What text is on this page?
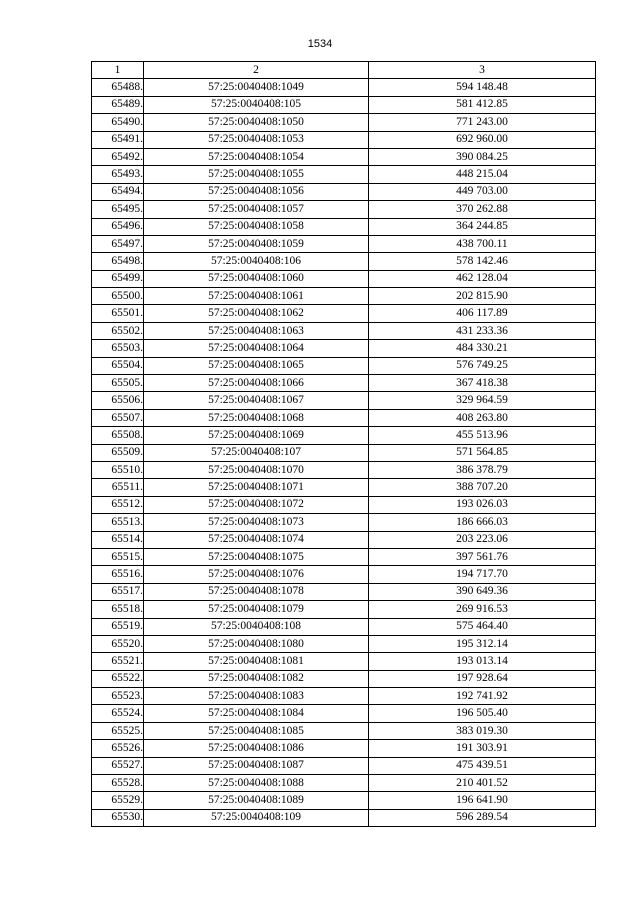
1534
1	2	3
65488.	57:25:0040408:1049	594 148.48
65489.	57:25:0040408:105	581 412.85
65490.	57:25:0040408:1050	771 243.00
65491.	57:25:0040408:1053	692 960.00
65492.	57:25:0040408:1054	390 084.25
65493.	57:25:0040408:1055	448 215.04
65494.	57:25:0040408:1056	449 703.00
65495.	57:25:0040408:1057	370 262.88
65496.	57:25:0040408:1058	364 244.85
65497.	57:25:0040408:1059	438 700.11
65498.	57:25:0040408:106	578 142.46
65499.	57:25:0040408:1060	462 128.04
65500.	57:25:0040408:1061	202 815.90
65501.	57:25:0040408:1062	406 117.89
65502.	57:25:0040408:1063	431 233.36
65503.	57:25:0040408:1064	484 330.21
65504.	57:25:0040408:1065	576 749.25
65505.	57:25:0040408:1066	367 418.38
65506.	57:25:0040408:1067	329 964.59
65507.	57:25:0040408:1068	408 263.80
65508.	57:25:0040408:1069	455 513.96
65509.	57:25:0040408:107	571 564.85
65510.	57:25:0040408:1070	386 378.79
65511.	57:25:0040408:1071	388 707.20
65512.	57:25:0040408:1072	193 026.03
65513.	57:25:0040408:1073	186 666.03
65514.	57:25:0040408:1074	203 223.06
65515.	57:25:0040408:1075	397 561.76
65516.	57:25:0040408:1076	194 717.70
65517.	57:25:0040408:1078	390 649.36
65518.	57:25:0040408:1079	269 916.53
65519.	57:25:0040408:108	575 464.40
65520.	57:25:0040408:1080	195 312.14
65521.	57:25:0040408:1081	193 013.14
65522.	57:25:0040408:1082	197 928.64
65523.	57:25:0040408:1083	192 741.92
65524.	57:25:0040408:1084	196 505.40
65525.	57:25:0040408:1085	383 019.30
65526.	57:25:0040408:1086	191 303.91
65527.	57:25:0040408:1087	475 439.51
65528.	57:25:0040408:1088	210 401.52
65529.	57:25:0040408:1089	196 641.90
65530.	57:25:0040408:109	596 289.54
